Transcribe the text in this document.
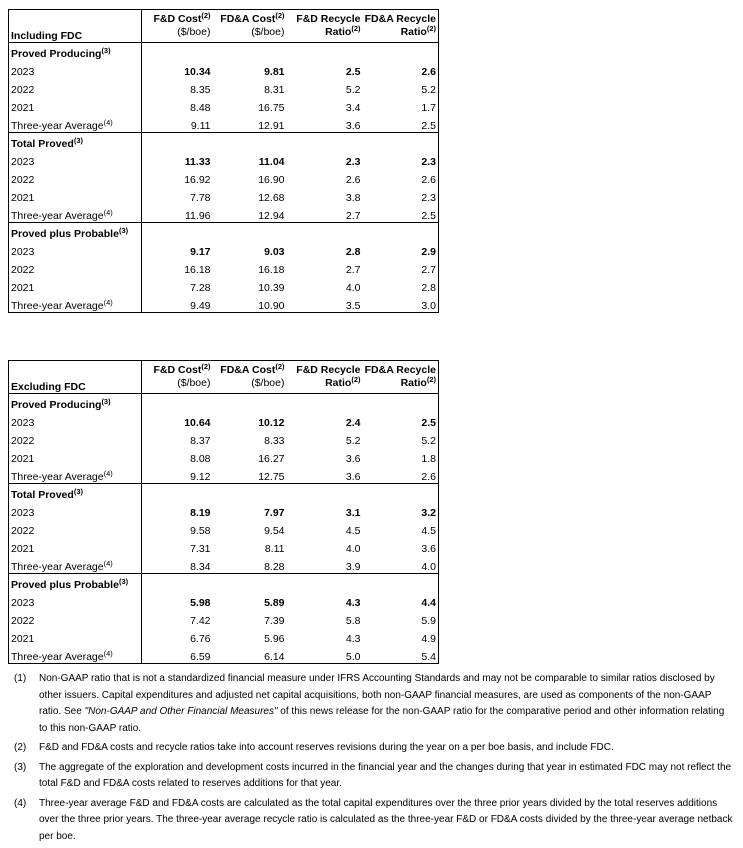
	F&D Cost$^{(2)}$	FD&A Cost$^{(2)}$	F&D Recycle	FD&A Recycle
Including FDC	($/boe)	($/boe)	Ratio$^{(2)}$	Ratio$^{(2)}$
Proved Producing$^{(3)}$				
2023	10.34	9.81	2.5	2.6
2022	8.35	8.31	5.2	5.2
2021	8.48	16.75	3.4	1.7
Three-year Average$^{(4)}$	9.11	12.91	3.6	2.5
Total Proved$^{(3)}$				
2023	11.33	11.04	2.3	2.3
2022	16.92	16.90	2.6	2.6
2021	7.78	12.68	3.8	2.3
Three-year Average$^{(4)}$	11.96	12.94	2.7	2.5
Proved plus Probable$^{(3)}$				
2023	9.17	9.03	2.8	2.9
2022	16.18	16.18	2.7	2.7
2021	7.28	10.39	4.0	2.8
Three-year Average$^{(4)}$	9.49	10.90	3.5	3.0
	F&D Cost$^{(2)}$	FD&A Cost$^{(2)}$	F&D Recycle	FD&A Recycle
Excluding FDC	($/boe)	($/boe)	Ratio$^{(2)}$	Ratio$^{(2)}$
Proved Producing$^{(3)}$				
2023	10.64	10.12	2.4	2.5
2022	8.37	8.33	5.2	5.2
2021	8.08	16.27	3.6	1.8
Three-year Average$^{(4)}$	9.12	12.75	3.6	2.6
Total Proved$^{(3)}$				
2023	8.19	7.97	3.1	3.2
2022	9.58	9.54	4.5	4.5
2021	7.31	8.11	4.0	3.6
Three-year Average$^{(4)}$	8.34	8.28	3.9	4.0
Proved plus Probable$^{(3)}$				
2023	5.98	5.89	4.3	4.4
2022	7.42	7.39	5.8	5.9
2021	6.76	5.96	4.3	4.9
Three-year Average$^{(4)}$	6.59	6.14	5.0	5.4
(1)	Non-GAAP ratio that is not a standardized financial measure under IFRS Accounting Standards and may not be comparable to similar ratios disclosed by other issuers. Capital expenditures and adjusted net capital acquisitions, both non-GAAP financial measures, are used as components of the non-GAAP ratio. See "Non-GAAP and Other Financial Measures" of this news release for the non-GAAP ratio for the comparative period and other information relating to this non-GAAP ratio.
(2)	F&D and FD&A costs and recycle ratios take into account reserves revisions during the year on a per boe basis, and include FDC.
(3)	The aggregate of the exploration and development costs incurred in the financial year and the changes during that year in estimated FDC may not reflect the total F&D and FD&A costs related to reserves additions for that year.
(4)	Three-year average F&D and FD&A costs are calculated as the total capital expenditures over the three prior years divided by the total reserves additions over the three prior years. The three-year average recycle ratio is calculated as the three-year F&D or FD&A costs divided by the three-year average netback per boe.
